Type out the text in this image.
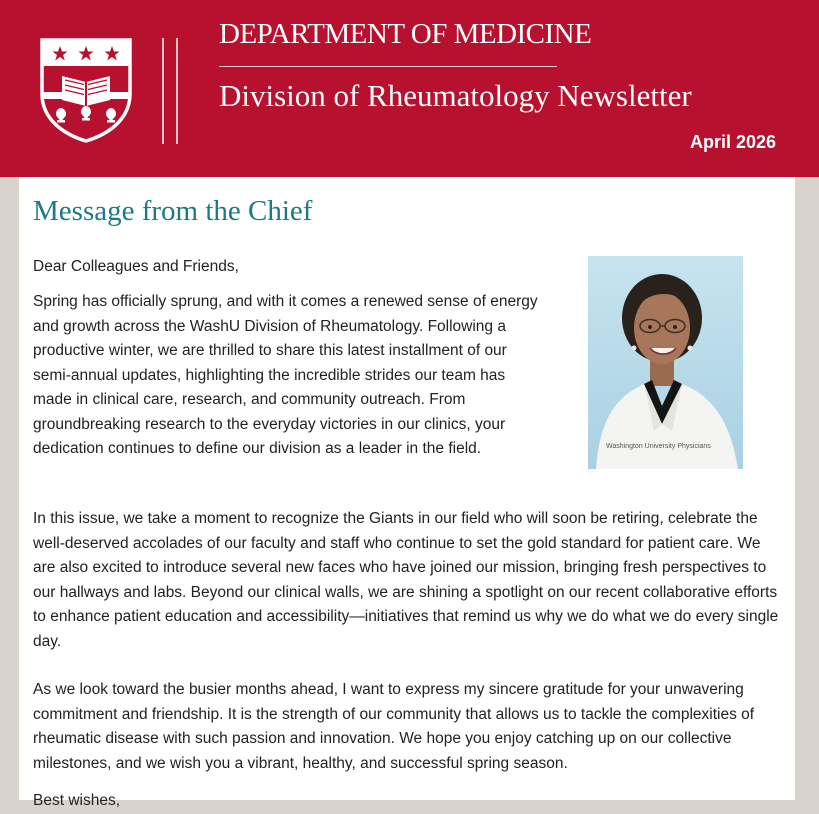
DEPARTMENT OF MEDICINE
Division of Rheumatology Newsletter
April 2026
Message from the Chief

Dear Colleagues and Friends,

Spring has officially sprung, and with it comes a renewed sense of energy and growth across the WashU Division of Rheumatology. Following a productive winter, we are thrilled to share this latest installment of our semi-annual updates, highlighting the incredible strides our team has made in clinical care, research, and community outreach. From groundbreaking research to the everyday victories in our clinics, your dedication continues to define our division as a leader in the field.	Washington University Physicians

In this issue, we take a moment to recognize the Giants in our field who will soon be retiring, celebrate the well-deserved accolades of our faculty and staff who continue to set the gold standard for patient care. We are also excited to introduce several new faces who have joined our mission, bringing fresh perspectives to our hallways and labs. Beyond our clinical walls, we are shining a spotlight on our recent collaborative efforts to enhance patient education and accessibility—initiatives that remind us why we do what we do every single day.

As we look toward the busier months ahead, I want to express my sincere gratitude for your unwavering commitment and friendship. It is the strength of our community that allows us to tackle the complexities of rheumatic disease with such passion and innovation. We hope you enjoy catching up on our collective milestones, and we wish you a vibrant, healthy, and successful spring season.

Best wishes,
